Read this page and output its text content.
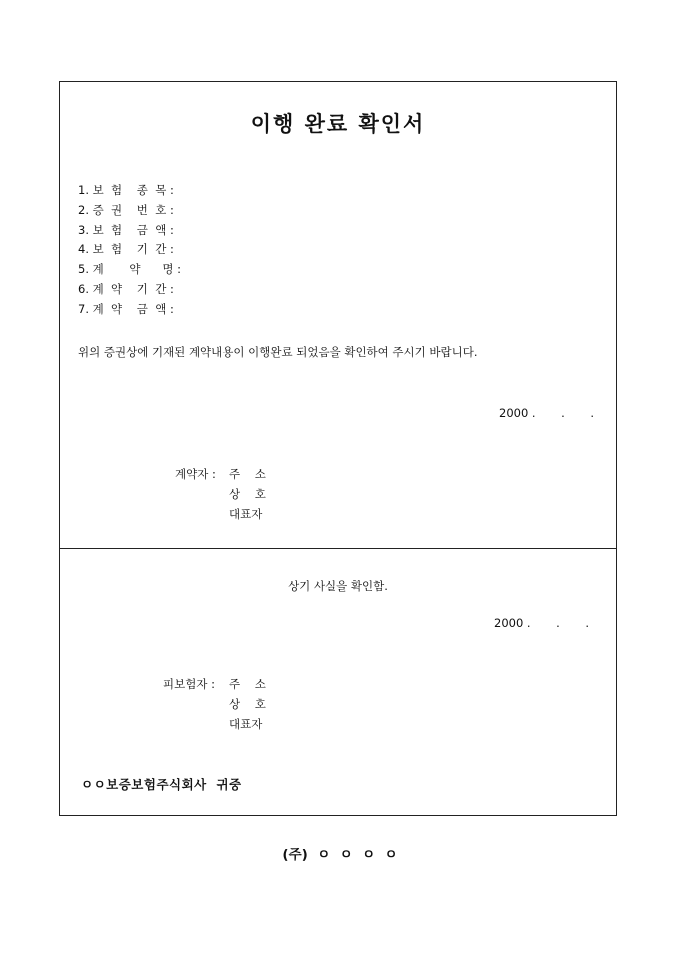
이행 완료 확인서
1. 보  험    종  목 :
2. 증  권    번  호 :
3. 보  험    금  액 :
4. 보  험    기  간 :
5. 계       약      명 :
6. 계  약    기  간 :
7. 계  약    금  액 :
위의 증권상에 기재된 계약내용이 이행완료 되었음을 확인하여 주시기 바랍니다.
2000 .       .       .
계약자 : 주    소
상    호
대표자
상기 사실을 확인함.
2000 .       .       .
피보험자 : 주    소
상    호
대표자
ㅇㅇ보증보험주식회사  귀중
(주)  ㅇ  ㅇ  ㅇ  ㅇ
